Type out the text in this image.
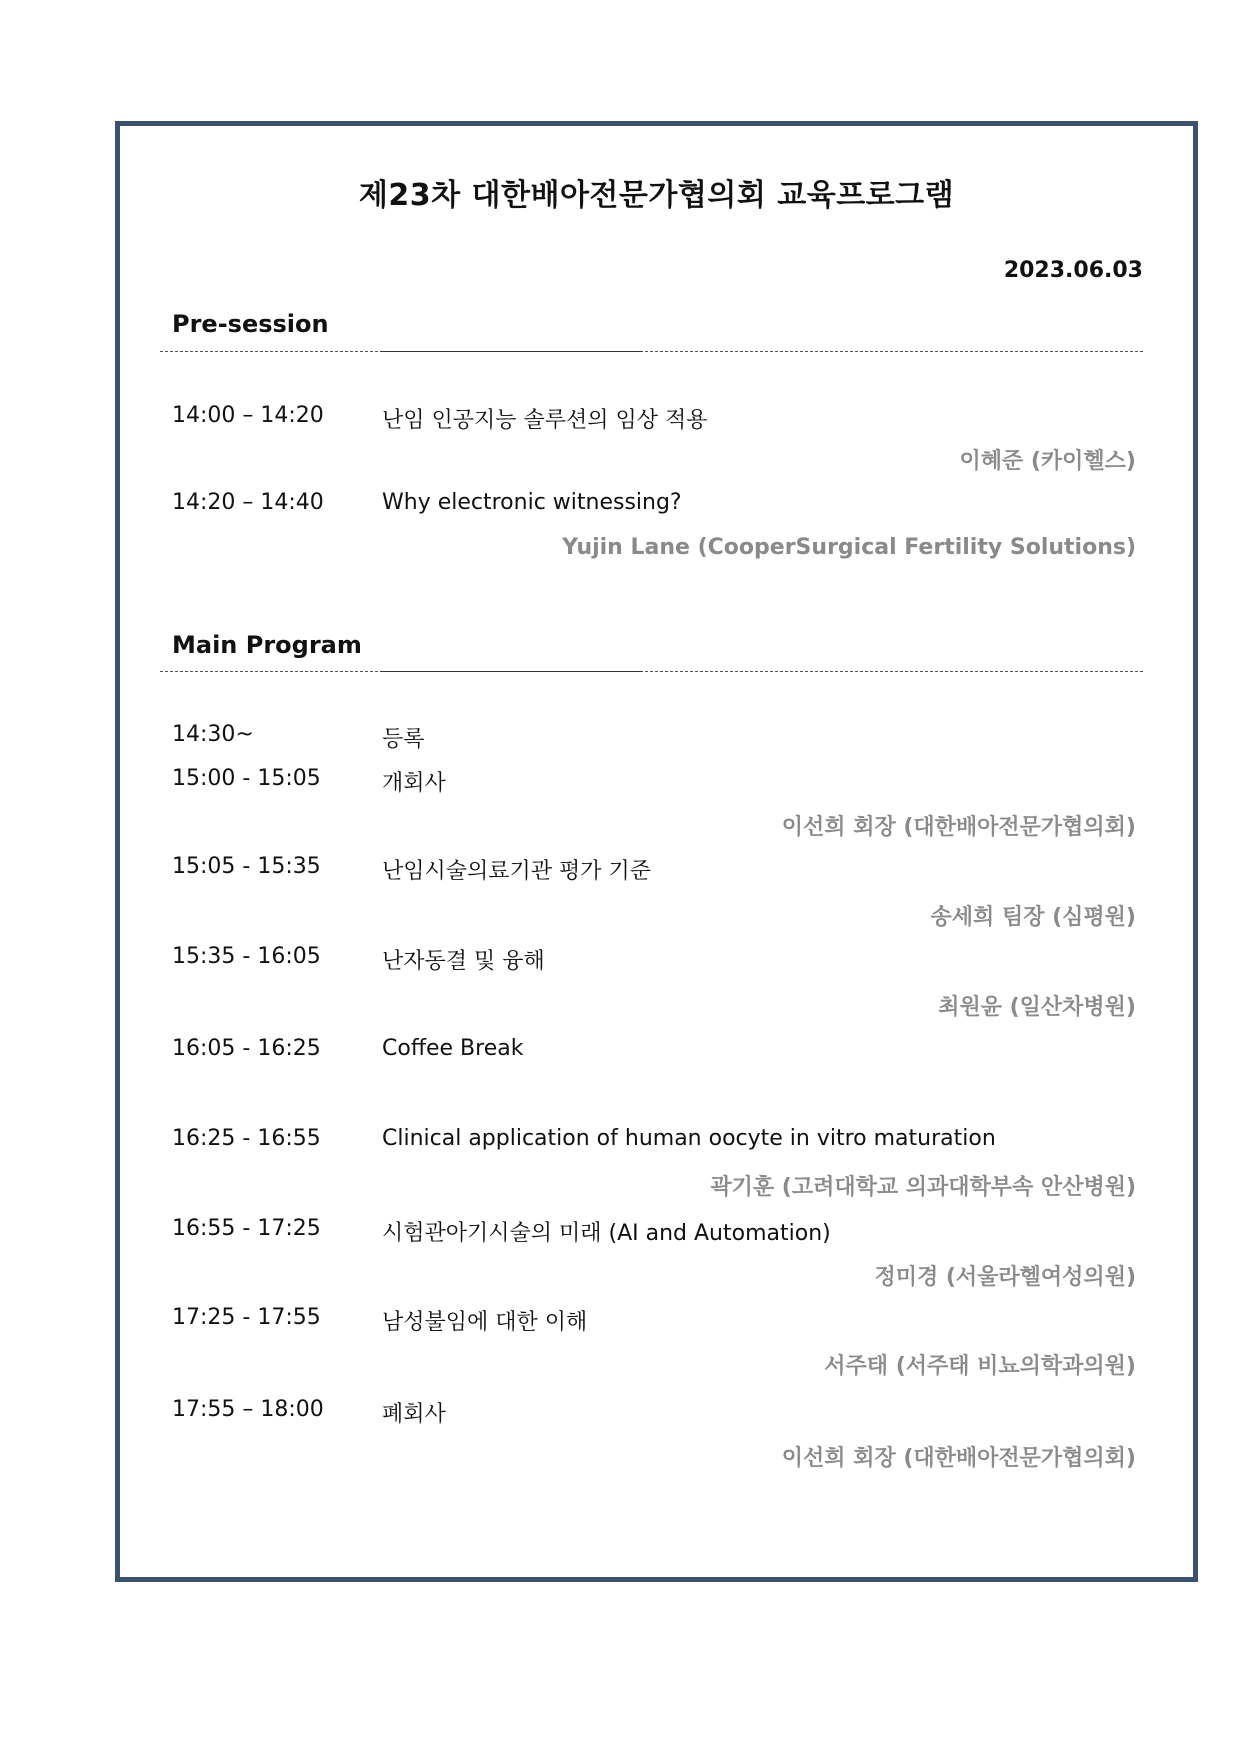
제23차 대한배아전문가협의회 교육프로그램
2023.06.03
Pre-session
14:00 – 14:20	난임 인공지능 솔루션의 임상 적용
이혜준 (카이헬스)
14:20 – 14:40	Why electronic witnessing?
Yujin Lane (CooperSurgical Fertility Solutions)
Main Program
14:30~	등록
15:00 - 15:05	개회사
이선희 회장 (대한배아전문가협의회)
15:05 - 15:35	난임시술의료기관 평가 기준
송세희 팀장 (심평원)
15:35 - 16:05	난자동결 및 융해
최원윤 (일산차병원)
16:05 - 16:25	Coffee Break
16:25 - 16:55	Clinical application of human oocyte in vitro maturation
곽기훈 (고려대학교 의과대학부속 안산병원)
16:55 - 17:25	시험관아기시술의 미래 (AI and Automation)
정미경 (서울라헬여성의원)
17:25 - 17:55	남성불임에 대한 이해
서주태 (서주태 비뇨의학과의원)
17:55 – 18:00	폐회사
이선희 회장 (대한배아전문가협의회)
